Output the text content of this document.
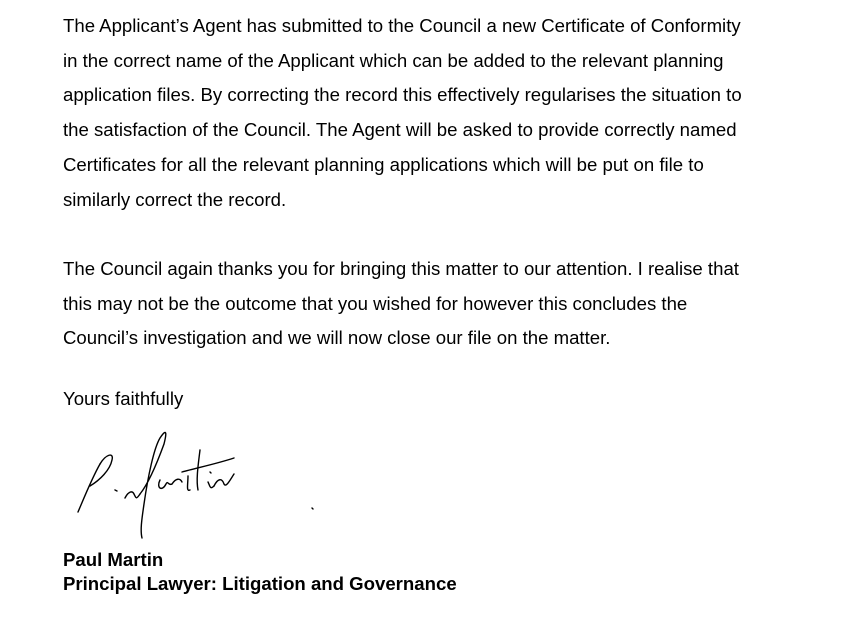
The Applicant’s Agent has submitted to the Council a new Certificate of Conformity
in the correct name of the Applicant which can be added to the relevant planning
application files. By correcting the record this effectively regularises the situation to
the satisfaction of the Council. The Agent will be asked to provide correctly named
Certificates for all the relevant planning applications which will be put on file to
similarly correct the record.

The Council again thanks you for bringing this matter to our attention. I realise that
this may not be the outcome that you wished for however this concludes the
Council’s investigation and we will now close our file on the matter.

Yours faithfully

Paul Martin
Principal Lawyer: Litigation and Governance
